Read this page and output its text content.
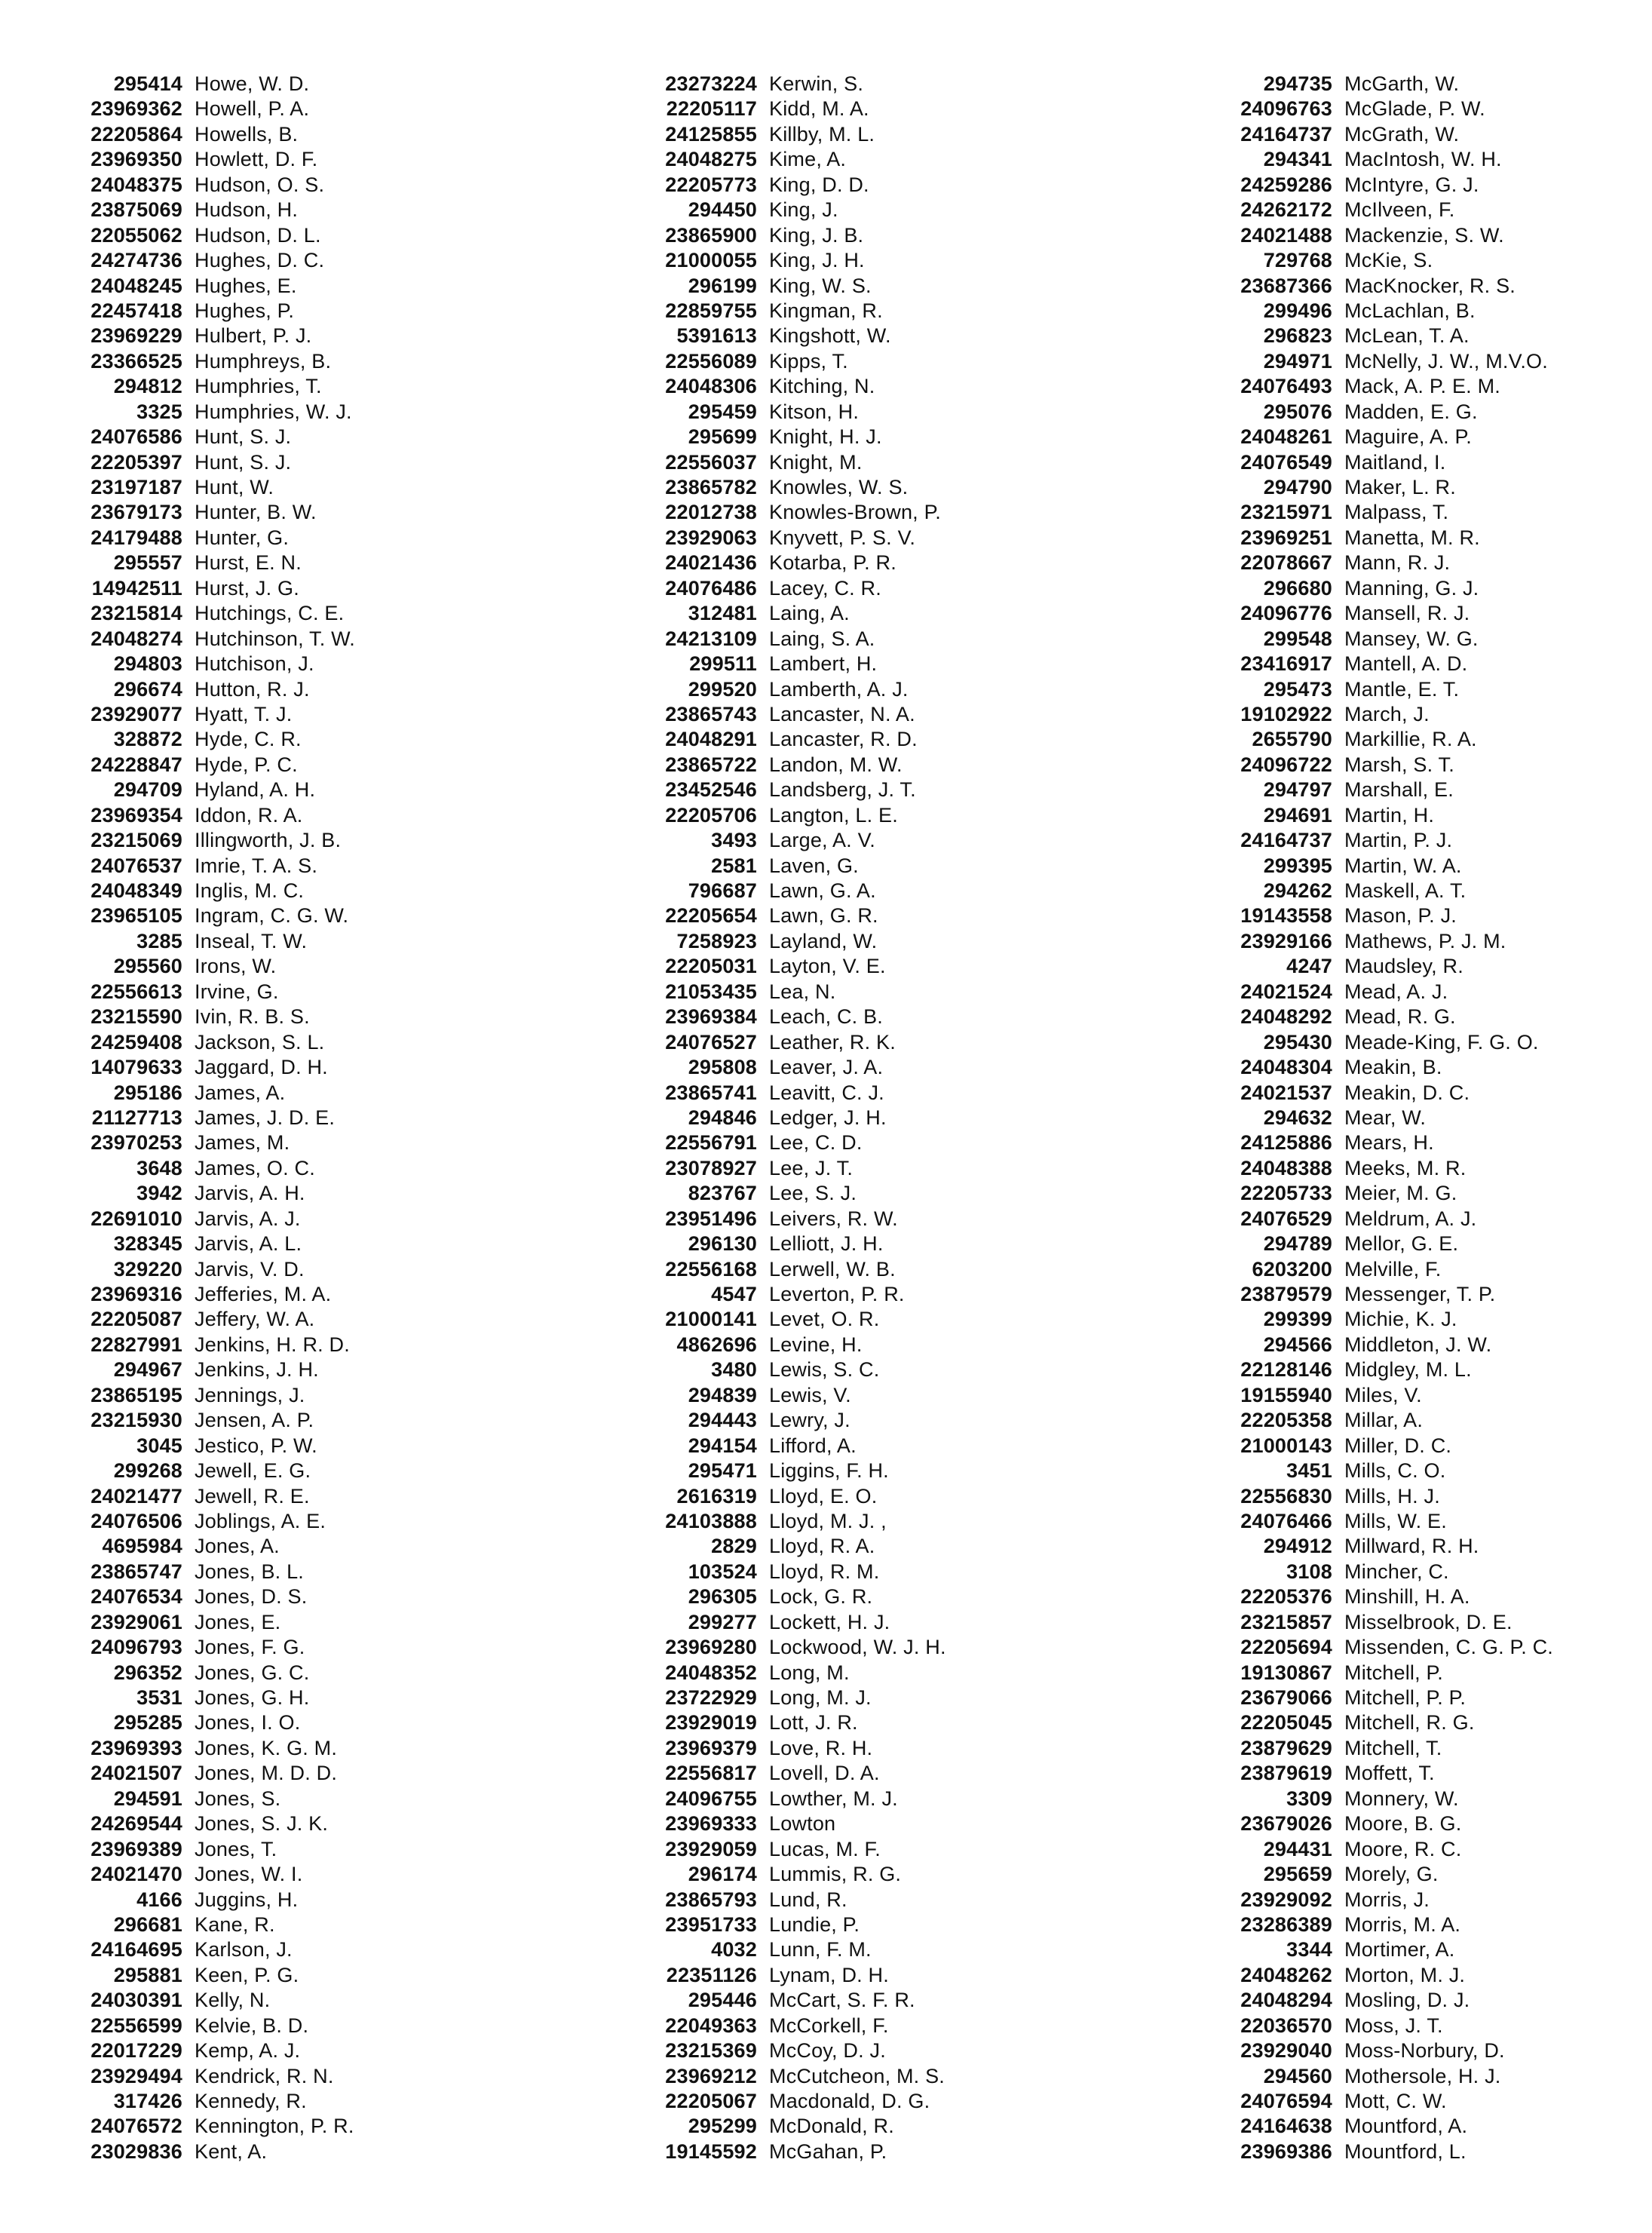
295414 Howe, W. D.
23969362 Howell, P. A.
22205864 Howells, B.
23969350 Howlett, D. F.
24048375 Hudson, O. S.
23875069 Hudson, H.
22055062 Hudson, D. L.
24274736 Hughes, D. C.
24048245 Hughes, E.
22457418 Hughes, P.
23969229 Hulbert, P. J.
23366525 Humphreys, B.
294812 Humphries, T.
3325 Humphries, W. J.
24076586 Hunt, S. J.
22205397 Hunt, S. J.
23197187 Hunt, W.
23679173 Hunter, B. W.
24179488 Hunter, G.
295557 Hurst, E. N.
14942511 Hurst, J. G.
23215814 Hutchings, C. E.
24048274 Hutchinson, T. W.
294803 Hutchison, J.
296674 Hutton, R. J.
23929077 Hyatt, T. J.
328872 Hyde, C. R.
24228847 Hyde, P. C.
294709 Hyland, A. H.
23969354 Iddon, R. A.
23215069 Illingworth, J. B.
24076537 Imrie, T. A. S.
24048349 Inglis, M. C.
23965105 Ingram, C. G. W.
3285 Inseal, T. W.
295560 Irons, W.
22556613 Irvine, G.
23215590 Ivin, R. B. S.
24259408 Jackson, S. L.
14079633 Jaggard, D. H.
295186 James, A.
21127713 James, J. D. E.
23970253 James, M.
3648 James, O. C.
3942 Jarvis, A. H.
22691010 Jarvis, A. J.
328345 Jarvis, A. L.
329220 Jarvis, V. D.
23969316 Jefferies, M. A.
22205087 Jeffery, W. A.
22827991 Jenkins, H. R. D.
294967 Jenkins, J. H.
23865195 Jennings, J.
23215930 Jensen, A. P.
3045 Jestico, P. W.
299268 Jewell, E. G.
24021477 Jewell, R. E.
24076506 Joblings, A. E.
4695984 Jones, A.
23865747 Jones, B. L.
24076534 Jones, D. S.
23929061 Jones, E.
24096793 Jones, F. G.
296352 Jones, G. C.
3531 Jones, G. H.
295285 Jones, I. O.
23969393 Jones, K. G. M.
24021507 Jones, M. D. D.
294591 Jones, S.
24269544 Jones, S. J. K.
23969389 Jones, T.
24021470 Jones, W. I.
4166 Juggins, H.
296681 Kane, R.
24164695 Karlson, J.
295881 Keen, P. G.
24030391 Kelly, N.
22556599 Kelvie, B. D.
22017229 Kemp, A. J.
23929494 Kendrick, R. N.
317426 Kennedy, R.
24076572 Kennington, P. R.
23029836 Kent, A.
23273224 Kerwin, S.
22205117 Kidd, M. A.
24125855 Killby, M. L.
24048275 Kime, A.
22205773 King, D. D.
294450 King, J.
23865900 King, J. B.
21000055 King, J. H.
296199 King, W. S.
22859755 Kingman, R.
5391613 Kingshott, W.
22556089 Kipps, T.
24048306 Kitching, N.
295459 Kitson, H.
295699 Knight, H. J.
22556037 Knight, M.
23865782 Knowles, W. S.
22012738 Knowles-Brown, P.
23929063 Knyvett, P. S. V.
24021436 Kotarba, P. R.
24076486 Lacey, C. R.
312481 Laing, A.
24213109 Laing, S. A.
299511 Lambert, H.
299520 Lamberth, A. J.
23865743 Lancaster, N. A.
24048291 Lancaster, R. D.
23865722 Landon, M. W.
23452546 Landsberg, J. T.
22205706 Langton, L. E.
3493 Large, A. V.
2581 Laven, G.
796687 Lawn, G. A.
22205654 Lawn, G. R.
7258923 Layland, W.
22205031 Layton, V. E.
21053435 Lea, N.
23969384 Leach, C. B.
24076527 Leather, R. K.
295808 Leaver, J. A.
23865741 Leavitt, C. J.
294846 Ledger, J. H.
22556791 Lee, C. D.
23078927 Lee, J. T.
823767 Lee, S. J.
23951496 Leivers, R. W.
296130 Lelliott, J. H.
22556168 Lerwell, W. B.
4547 Leverton, P. R.
21000141 Levet, O. R.
4862696 Levine, H.
3480 Lewis, S. C.
294839 Lewis, V.
294443 Lewry, J.
294154 Lifford, A.
295471 Liggins, F. H.
2616319 Lloyd, E. O.
24103888 Lloyd, M. J. ,
2829 Lloyd, R. A.
103524 Lloyd, R. M.
296305 Lock, G. R.
299277 Lockett, H. J.
23969280 Lockwood, W. J. H.
24048352 Long, M.
23722929 Long, M. J.
23929019 Lott, J. R.
23969379 Love, R. H.
22556817 Lovell, D. A.
24096755 Lowther, M. J.
23969333 Lowton
23929059 Lucas, M. F.
296174 Lummis, R. G.
23865793 Lund, R.
23951733 Lundie, P.
4032 Lunn, F. M.
22351126 Lynam, D. H.
295446 McCart, S. F. R.
22049363 McCorkell, F.
23215369 McCoy, D. J.
23969212 McCutcheon, M. S.
22205067 Macdonald, D. G.
295299 McDonald, R.
19145592 McGahan, P.
294735 McGarth, W.
24096763 McGlade, P. W.
24164737 McGrath, W.
294341 MacIntosh, W. H.
24259286 McIntyre, G. J.
24262172 McIlveen, F.
24021488 Mackenzie, S. W.
729768 McKie, S.
23687366 MacKnocker, R. S.
299496 McLachlan, B.
296823 McLean, T. A.
294971 McNelly, J. W., M.V.O.
24076493 Mack, A. P. E. M.
295076 Madden, E. G.
24048261 Maguire, A. P.
24076549 Maitland, I.
294790 Maker, L. R.
23215971 Malpass, T.
23969251 Manetta, M. R.
22078667 Mann, R. J.
296680 Manning, G. J.
24096776 Mansell, R. J.
299548 Mansey, W. G.
23416917 Mantell, A. D.
295473 Mantle, E. T.
19102922 March, J.
2655790 Markillie, R. A.
24096722 Marsh, S. T.
294797 Marshall, E.
294691 Martin, H.
24164737 Martin, P. J.
299395 Martin, W. A.
294262 Maskell, A. T.
19143558 Mason, P. J.
23929166 Mathews, P. J. M.
4247 Maudsley, R.
24021524 Mead, A. J.
24048292 Mead, R. G.
295430 Meade-King, F. G. O.
24048304 Meakin, B.
24021537 Meakin, D. C.
294632 Mear, W.
24125886 Mears, H.
24048388 Meeks, M. R.
22205733 Meier, M. G.
24076529 Meldrum, A. J.
294789 Mellor, G. E.
6203200 Melville, F.
23879579 Messenger, T. P.
299399 Michie, K. J.
294566 Middleton, J. W.
22128146 Midgley, M. L.
19155940 Miles, V.
22205358 Millar, A.
21000143 Miller, D. C.
3451 Mills, C. O.
22556830 Mills, H. J.
24076466 Mills, W. E.
294912 Millward, R. H.
3108 Mincher, C.
22205376 Minshill, H. A.
23215857 Misselbrook, D. E.
22205694 Missenden, C. G. P. C.
19130867 Mitchell, P.
23679066 Mitchell, P. P.
22205045 Mitchell, R. G.
23879629 Mitchell, T.
23879619 Moffett, T.
3309 Monnery, W.
23679026 Moore, B. G.
294431 Moore, R. C.
295659 Morely, G.
23929092 Morris, J.
23286389 Morris, M. A.
3344 Mortimer, A.
24048262 Morton, M. J.
24048294 Mosling, D. J.
22036570 Moss, J. T.
23929040 Moss-Norbury, D.
294560 Mothersole, H. J.
24076594 Mott, C. W.
24164638 Mountford, A.
23969386 Mountford, L.
